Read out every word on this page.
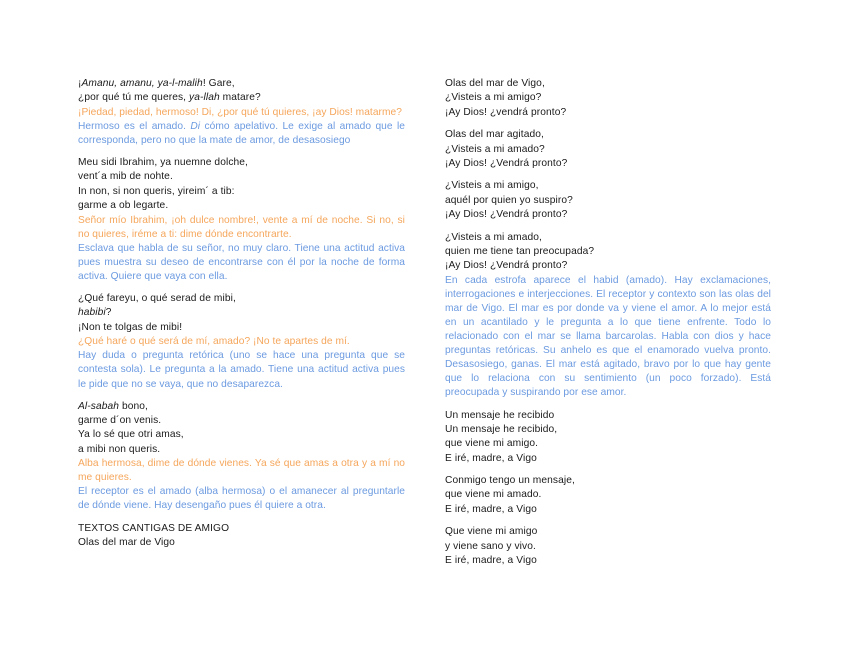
¡Amanu, amanu, ya-l-malih! Gare,
¿por qué tú me queres, ya-llah matare?
¡Piedad, piedad, hermoso! Di, ¿por qué tú quieres, ¡ay Dios! matarme?
Hermoso es el amado. Di cómo apelativo. Le exige al amado que le corresponda, pero no que la mate de amor, de desasosiego
Meu sidi Ibrahim, ya nuemne dolche,
vent´a mib de nohte.
In non, si non queris, yireim´ a tib:
garme a ob legarte.
Señor mío Ibrahim, ¡oh dulce nombre!, vente a mí de noche. Si no, si no quieres, iréme a ti: dime dónde encontrarte.
Esclava que habla de su señor, no muy claro. Tiene una actitud activa pues muestra su deseo de encontrarse con él por la noche de forma activa. Quiere que vaya con ella.
¿Qué fareyu, o qué serad de mibi,
habibi?
¡Non te tolgas de mibi!
¿Qué haré o qué será de mí, amado? ¡No te apartes de mí.
Hay duda o pregunta retórica (uno se hace una pregunta que se contesta sola). Le pregunta a la amado. Tiene una actitud activa pues le pide que no se vaya, que no desaparezca.
Al-sabah bono,
garme d´on venis.
Ya lo sé que otri amas,
a mibi non queris.
Alba hermosa, dime de dónde vienes. Ya sé que amas a otra y a mí no me quieres.
El receptor es el amado (alba hermosa) o el amanecer al preguntarle de dónde viene. Hay desengaño pues él quiere a otra.
TEXTOS CANTIGAS DE AMIGO
Olas del mar de Vigo
Olas del mar de Vigo,
¿Visteis a mi amigo?
¡Ay Dios! ¿vendrá pronto?
Olas del mar agitado,
¿Visteis a mi amado?
¡Ay Dios! ¿Vendrá pronto?
¿Visteis a mi amigo,
aquél por quien yo suspiro?
¡Ay Dios! ¿Vendrá pronto?
¿Visteis a mi amado,
quien me tiene tan preocupada?
¡Ay Dios! ¿Vendrá pronto?
En cada estrofa aparece el habid (amado). Hay exclamaciones, interrogaciones e interjecciones. El receptor y contexto son las olas del mar de Vigo. El mar es por donde va y viene el amor. A lo mejor está en un acantilado y le pregunta a lo que tiene enfrente. Todo lo relacionado con el mar se llama barcarolas. Habla con dios y hace preguntas retóricas. Su anhelo es que el enamorado vuelva pronto. Desasosiego, ganas. El mar está agitado, bravo por lo que hay gente que lo relaciona con su sentimiento (un poco forzado). Está preocupada y suspirando por ese amor.
Un mensaje he recibido
Un mensaje he recibido,
que viene mi amigo.
E iré, madre, a Vigo
Conmigo tengo un mensaje,
que viene mi amado.
E iré, madre, a Vigo
Que viene mi amigo
y viene sano y vivo.
E iré, madre, a Vigo
